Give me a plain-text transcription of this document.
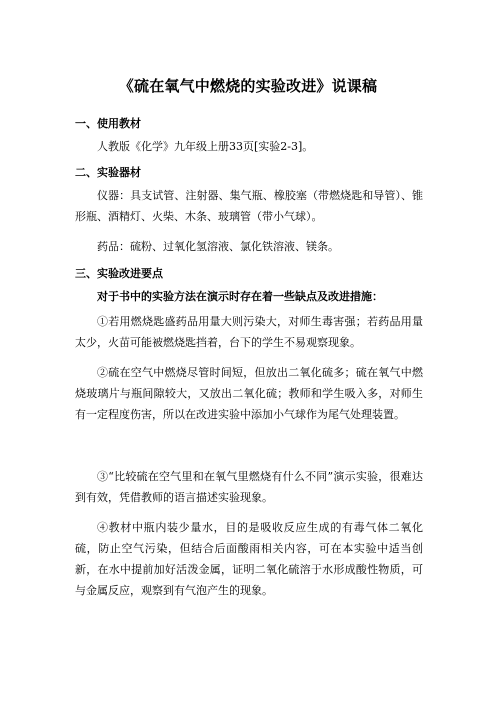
《硫在氧气中燃烧的实验改进》说课稿
一、使用教材

人教版《化学》九年级上册33页[实验2-3]。

二、实验器材

仪器：具支试管、注射器、集气瓶、橡胶塞（带燃烧匙和导管）、锥形瓶、酒精灯、火柴、木条、玻璃管（带小气球）。

药品：硫粉、过氧化氢溶液、氯化铁溶液、镁条。

三、实验改进要点

对于书中的实验方法在演示时存在着一些缺点及改进措施：

①若用燃烧匙盛药品用量大则污染大，对师生毒害强；若药品用量太少，火苗可能被燃烧匙挡着，台下的学生不易观察现象。

②硫在空气中燃烧尽管时间短，但放出二氧化硫多；硫在氧气中燃烧玻璃片与瓶间隙较大，又放出二氧化硫；教师和学生吸入多，对师生有一定程度伤害，所以在改进实验中添加小气球作为尾气处理装置。

③“比较硫在空气里和在氧气里燃烧有什么不同”演示实验，很难达到有效，凭借教师的语言描述实验现象。

④教材中瓶内装少量水，目的是吸收反应生成的有毒气体二氧化硫，防止空气污染，但结合后面酸雨相关内容，可在本实验中适当创新，在水中提前加好活泼金属，证明二氧化硫溶于水形成酸性物质，可与金属反应，观察到有气泡产生的现象。
